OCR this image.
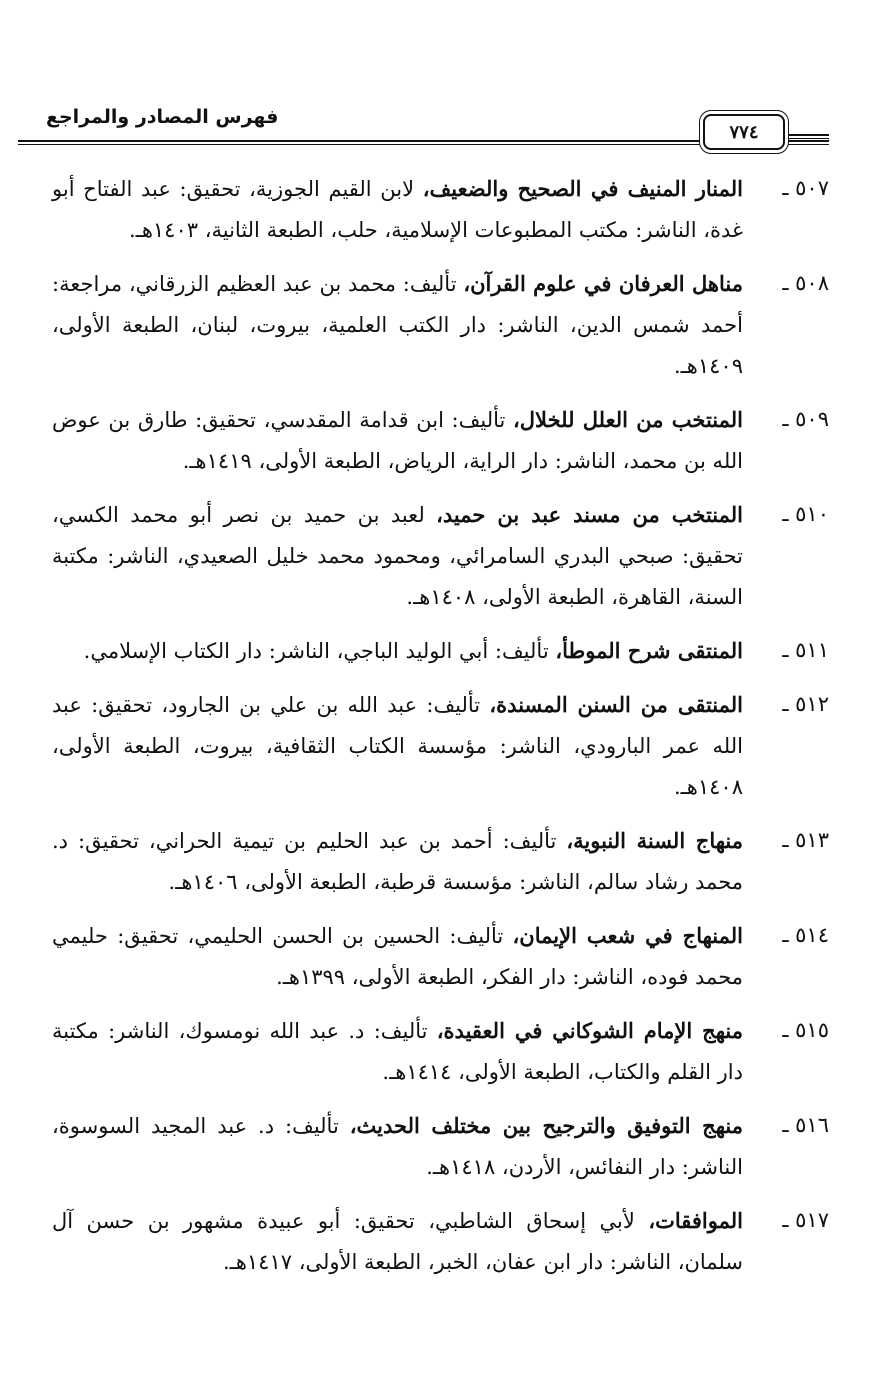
٧٧٤
فهرس المصادر والمراجع
٥٠٧ ـ
المنار المنيف في الصحيح والضعيف، لابن القيم الجوزية، تحقيق: عبد الفتاح أبو غدة، الناشر: مكتب المطبوعات الإسلامية، حلب، الطبعة الثانية، ١٤٠٣هـ.
٥٠٨ ـ
مناهل العرفان في علوم القرآن، تأليف: محمد بن عبد العظيم الزرقاني، مراجعة: أحمد شمس الدين، الناشر: دار الكتب العلمية، بيروت، لبنان، الطبعة الأولى، ١٤٠٩هـ.
٥٠٩ ـ
المنتخب من العلل للخلال، تأليف: ابن قدامة المقدسي، تحقيق: طارق بن عوض الله بن محمد، الناشر: دار الراية، الرياض، الطبعة الأولى، ١٤١٩هـ.
٥١٠ ـ
المنتخب من مسند عبد بن حميد، لعبد بن حميد بن نصر أبو محمد الكسي، تحقيق: صبحي البدري السامرائي، ومحمود محمد خليل الصعيدي، الناشر: مكتبة السنة، القاهرة، الطبعة الأولى، ١٤٠٨هـ.
٥١١ ـ
المنتقى شرح الموطأ، تأليف: أبي الوليد الباجي، الناشر: دار الكتاب الإسلامي.
٥١٢ ـ
المنتقى من السنن المسندة، تأليف: عبد الله بن علي بن الجارود، تحقيق: عبد الله عمر البارودي، الناشر: مؤسسة الكتاب الثقافية، بيروت، الطبعة الأولى، ١٤٠٨هـ.
٥١٣ ـ
منهاج السنة النبوية، تأليف: أحمد بن عبد الحليم بن تيمية الحراني، تحقيق: د. محمد رشاد سالم، الناشر: مؤسسة قرطبة، الطبعة الأولى، ١٤٠٦هـ.
٥١٤ ـ
المنهاج في شعب الإيمان، تأليف: الحسين بن الحسن الحليمي، تحقيق: حليمي محمد فوده، الناشر: دار الفكر، الطبعة الأولى، ١٣٩٩هـ.
٥١٥ ـ
منهج الإمام الشوكاني في العقيدة، تأليف: د. عبد الله نومسوك، الناشر: مكتبة دار القلم والكتاب، الطبعة الأولى، ١٤١٤هـ.
٥١٦ ـ
منهج التوفيق والترجيح بين مختلف الحديث، تأليف: د. عبد المجيد السوسوة، الناشر: دار النفائس، الأردن، ١٤١٨هـ.
٥١٧ ـ
الموافقات، لأبي إسحاق الشاطبي، تحقيق: أبو عبيدة مشهور بن حسن آل سلمان، الناشر: دار ابن عفان، الخبر، الطبعة الأولى، ١٤١٧هـ.
